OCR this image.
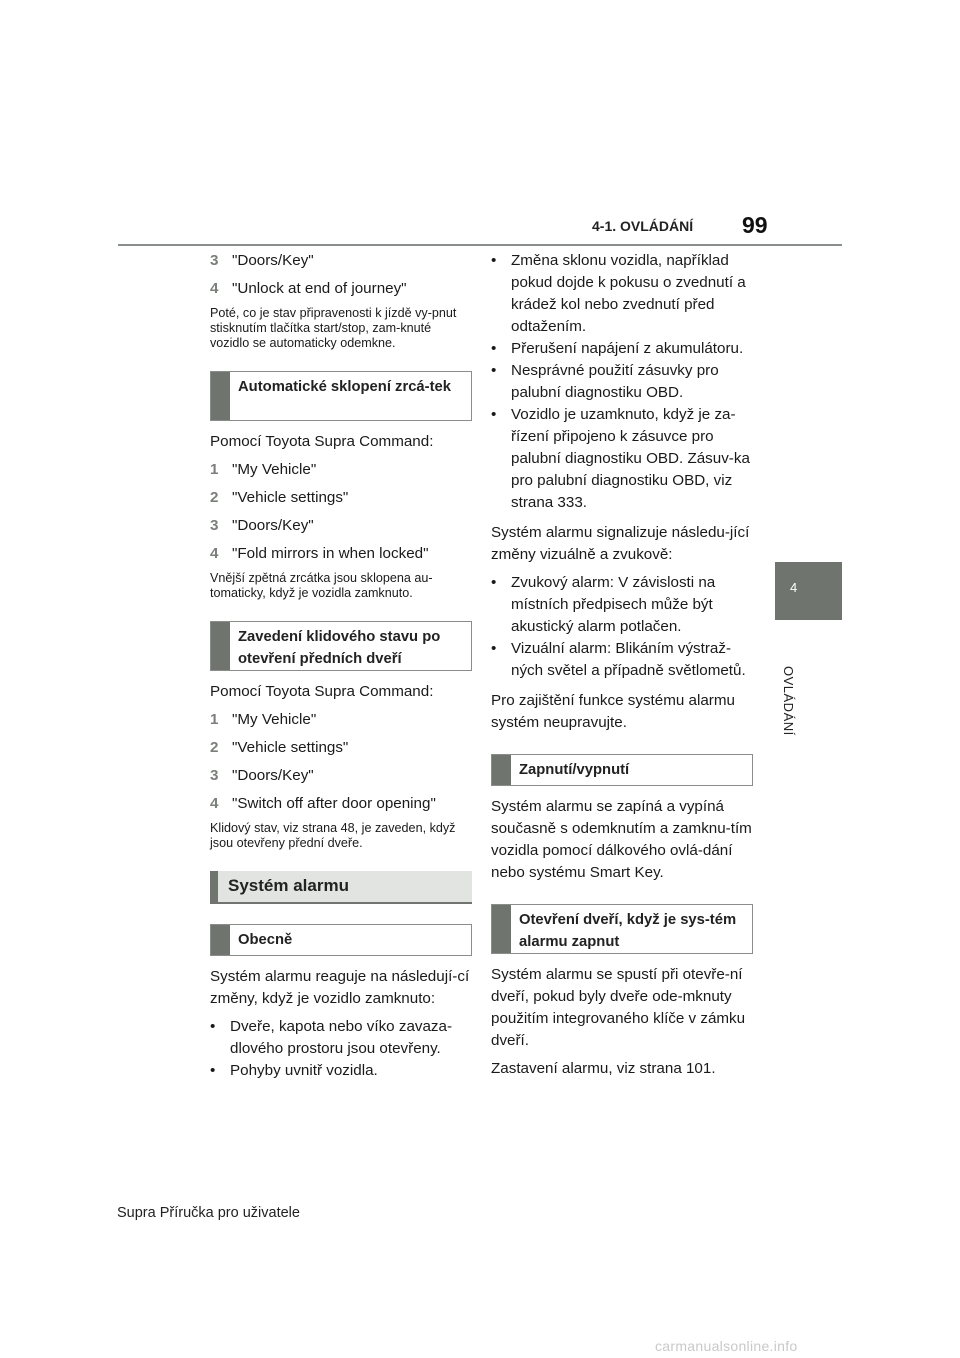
4-1. OVLÁDÁNÍ 99
4
OVLÁDÁNÍ
3 "Doors/Key"
4 "Unlock at end of journey"
Poté, co je stav připravenosti k jízdě vy-pnut stisknutím tlačítka start/stop, zam-knuté vozidlo se automaticky odemkne.
Automatické sklopení zrcá-tek
Pomocí Toyota Supra Command:
1 "My Vehicle"
2 "Vehicle settings"
3 "Doors/Key"
4 "Fold mirrors in when locked"
Vnější zpětná zrcátka jsou sklopena au-tomaticky, když je vozidla zamknuto.
Zavedení klidového stavu po otevření předních dveří
Pomocí Toyota Supra Command:
1 "My Vehicle"
2 "Vehicle settings"
3 "Doors/Key"
4 "Switch off after door opening"
Klidový stav, viz strana 48, je zaveden, když jsou otevřeny přední dveře.
Systém alarmu
Obecně
Systém alarmu reaguje na následují-cí změny, když je vozidlo zamknuto:
• Dveře, kapota nebo víko zavaza-dlového prostoru jsou otevřeny.
• Pohyby uvnitř vozidla.
• Změna sklonu vozidla, například pokud dojde k pokusu o zvednutí a krádež kol nebo zvednutí před odtažením.
• Přerušení napájení z akumulátoru.
• Nesprávné použití zásuvky pro palubní diagnostiku OBD.
• Vozidlo je uzamknuto, když je za-řízení připojeno k zásuvce pro palubní diagnostiku OBD. Zásuv-ka pro palubní diagnostiku OBD, viz strana 333.
Systém alarmu signalizuje následu-jící změny vizuálně a zvukově:
• Zvukový alarm: V závislosti na místních předpisech může být akustický alarm potlačen.
• Vizuální alarm: Blikáním výstraž-ných světel a případně světlometů.
Pro zajištění funkce systému alarmu systém neupravujte.
Zapnutí/vypnutí
Systém alarmu se zapíná a vypíná současně s odemknutím a zamknu-tím vozidla pomocí dálkového ovlá-dání nebo systému Smart Key.
Otevření dveří, když je sys-tém alarmu zapnut
Systém alarmu se spustí při otevře-ní dveří, pokud byly dveře ode-mknuty použitím integrovaného klíče v zámku dveří.
Zastavení alarmu, viz strana 101.
Supra Příručka pro uživatele
carmanualsonline.info
